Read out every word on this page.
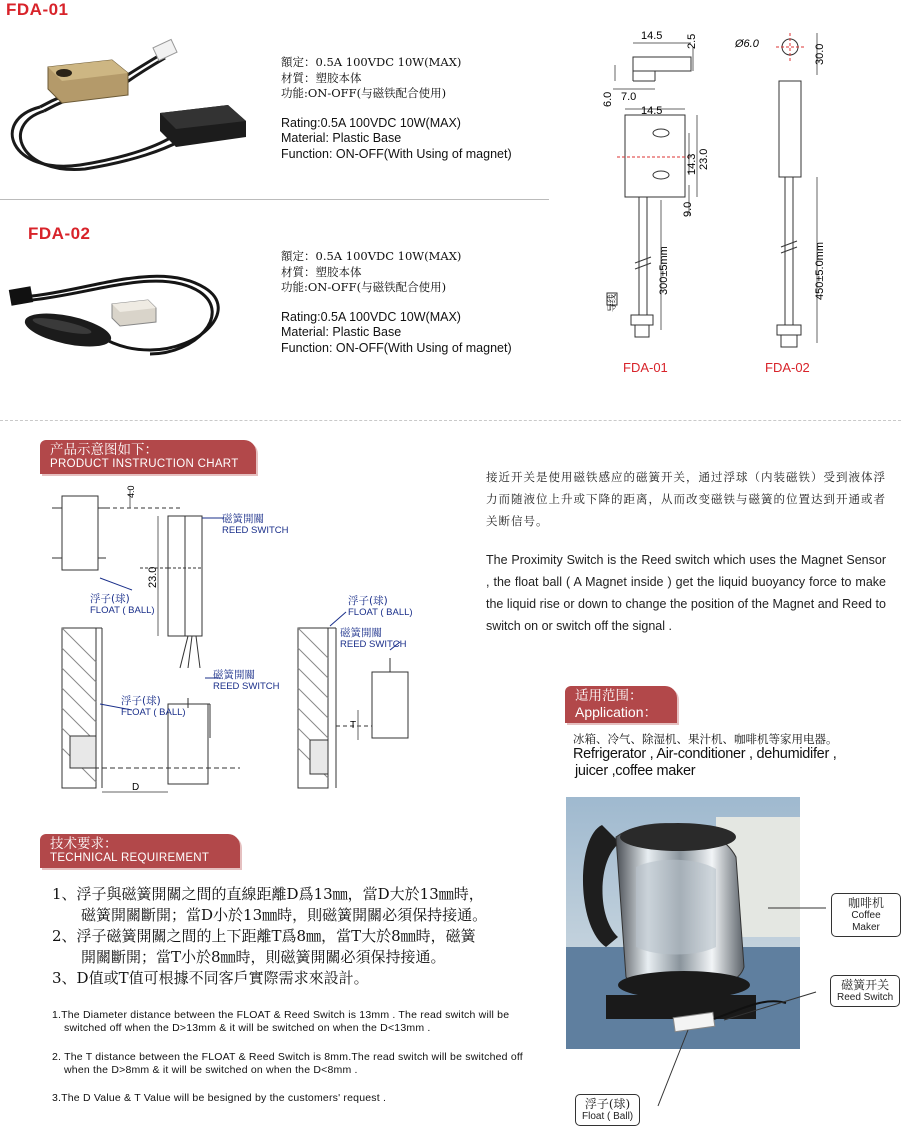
FDA-01
額定：0.5A 100VDC 10W(MAX)
材質：塑胶本体
功能:ON-OFF(与磁铁配合使用)
Rating:0.5A 100VDC 10W(MAX)
Material: Plastic Base
Function: ON-OFF(With Using of magnet)
FDA-02
額定：0.5A 100VDC 10W(MAX)
材質：塑胶本体
功能:ON-OFF(与磁铁配合使用)
Rating:0.5A 100VDC 10W(MAX)
Material: Plastic Base
Function: ON-OFF(With Using of magnet)
14.5 2.5
6.0 7.0
14.5
14.3 23.0
9.0
300±5mm
导线
Ø6.0	30.0
450±5.0mm
FDA-01	FDA-02
产品示意图如下：
PRODUCT INSTRUCTION CHART
4.0
23.0
T
D
磁簧開關
REED SWITCH
浮子(球)
FLOAT ( BALL)
磁簧開關
REED SWITCH
浮子(球)
FLOAT ( BALL)
浮子(球)
FLOAT ( BALL)
磁簧開關
REED SWITCH
接近开关是使用磁铁感应的磁簧开关，通过浮球（内装磁铁）受到液体浮力而随液位上升或下降的距离，从而改变磁铁与磁簧的位置达到开通或者关断信号。
The Proximity Switch is the Reed switch which uses the Magnet Sensor , the float ball ( A Magnet inside ) get the liquid buoyancy force to make the liquid rise or down to change the position of the Magnet and Reed to switch on or switch off the signal .
适用范围：
Application：
冰箱、冷气、除湿机、果汁机、咖啡机等家用电器。
Refrigerator , Air-conditioner , dehumidifer ,
juicer ,coffee maker
咖啡机
Coffee Maker
磁簧开关
Reed Switch
浮子(球)
Float ( Ball)
技术要求：
TECHNICAL REQUIREMENT
1、浮子與磁簧開關之間的直線距離D爲13㎜，當D大於13㎜時，
磁簧開關斷開；當D小於13㎜時，則磁簧開關必須保持接通。
2、浮子磁簧開關之間的上下距離T爲8㎜，當T大於8㎜時，磁簧
開關斷開；當T小於8㎜時，則磁簧開關必須保持接通。
3、D值或T值可根據不同客戶實際需求來設計。
1.The Diameter distance between the FLOAT & Reed Switch is 13mm . The read switch will be switched off when the D>13mm & it will be switched on when the D<13mm .
2. The T distance between the FLOAT & Reed Switch is 8mm.The read switch will be switched off when the D>8mm & it will be switched on when the D<8mm .
3.The D Value & T Value will be besigned by the customers' request .
